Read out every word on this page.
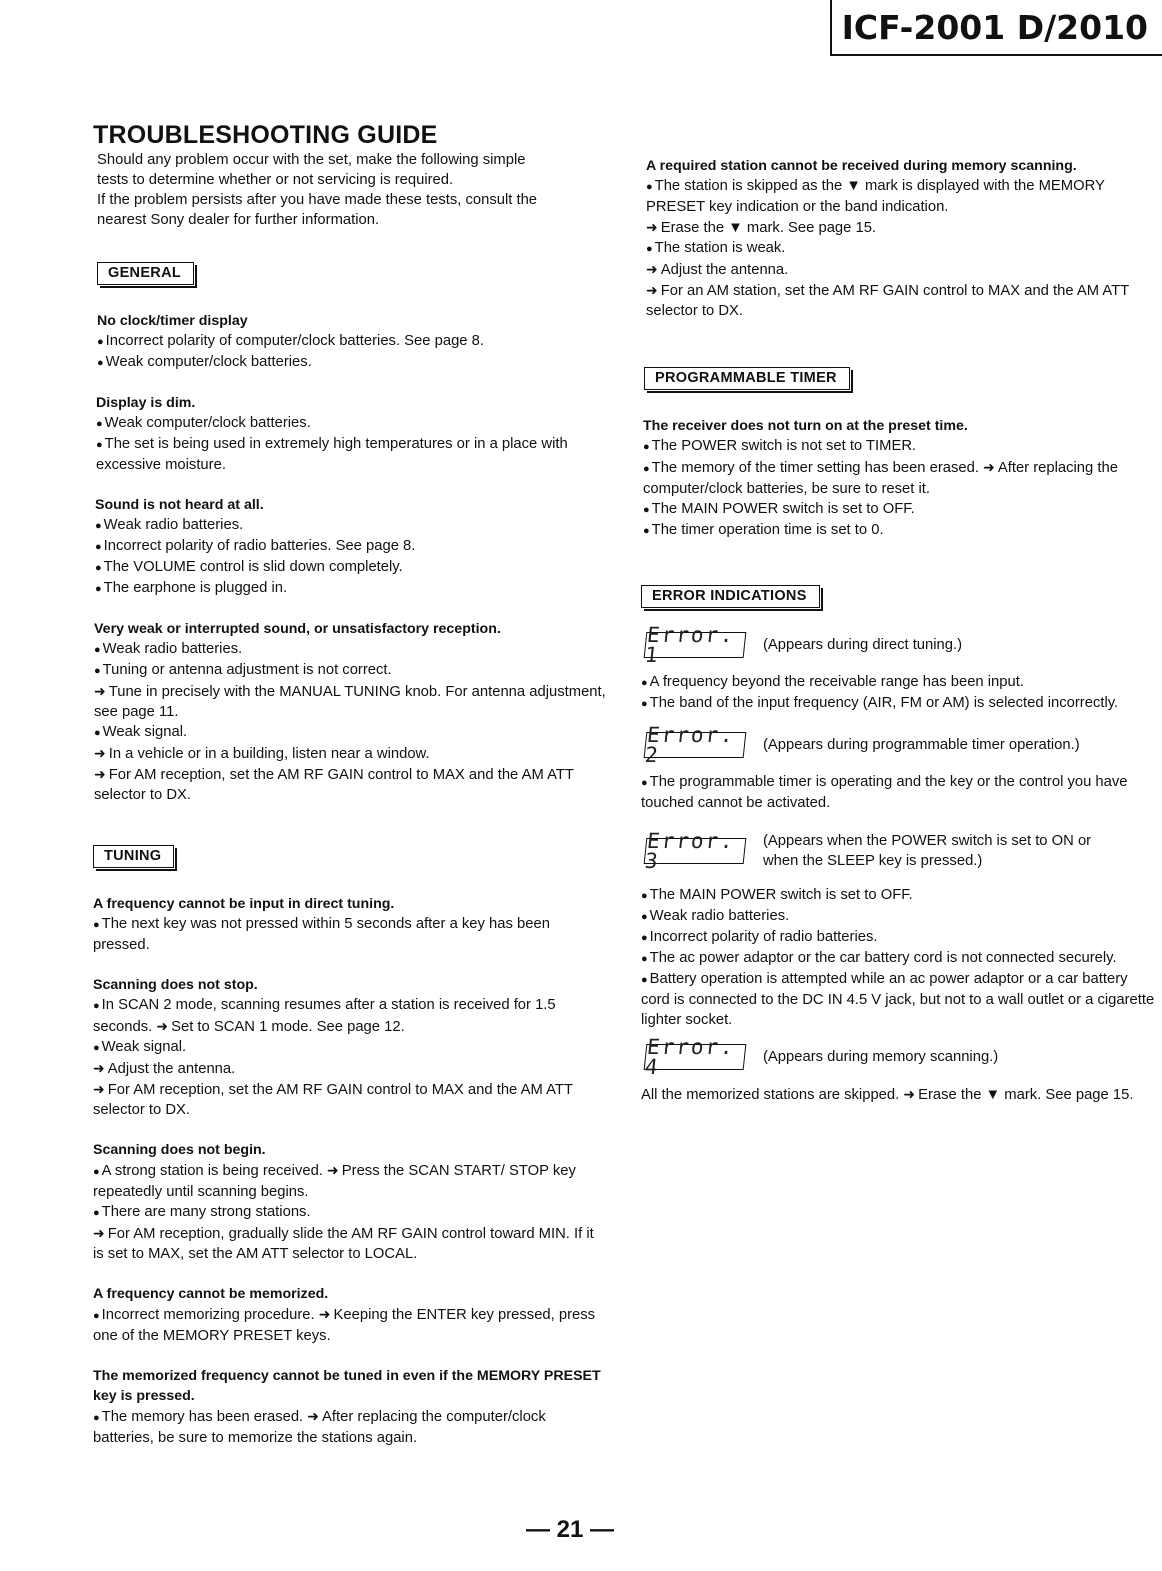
ICF-2001 D/2010
TROUBLESHOOTING GUIDE

Should any problem occur with the set, make the following simple

tests to determine whether or not servicing is required.

If the problem persists after you have made these tests, consult the

nearest Sony dealer for further information.

GENERAL

No clock/timer display

● Incorrect polarity of computer/clock batteries. See page 8.

● Weak computer/clock batteries.

Display is dim.

● Weak computer/clock batteries.

● The set is being used in extremely high temperatures or in a place with excessive moisture.

Sound is not heard at all.

● Weak radio batteries.

● Incorrect polarity of radio batteries. See page 8.

● The VOLUME control is slid down completely.

● The earphone is plugged in.

Very weak or interrupted sound, or unsatisfactory reception.

● Weak radio batteries.

● Tuning or antenna adjustment is not correct.

➜ Tune in precisely with the MANUAL TUNING knob. For antenna adjustment, see page 11.

● Weak signal.

➜ In a vehicle or in a building, listen near a window.

➜ For AM reception, set the AM RF GAIN control to MAX and the AM ATT selector to DX.

TUNING

A frequency cannot be input in direct tuning.

● The next key was not pressed within 5 seconds after a key has been pressed.

Scanning does not stop.

● In SCAN 2 mode, scanning resumes after a station is received for 1.5 seconds. ➜ Set to SCAN 1 mode. See page 12.

● Weak signal.

➜ Adjust the antenna.

➜ For AM reception, set the AM RF GAIN control to MAX and the AM ATT selector to DX.

Scanning does not begin.

● A strong station is being received. ➜ Press the SCAN START/ STOP key repeatedly until scanning begins.

● There are many strong stations.

➜ For AM reception, gradually slide the AM RF GAIN control toward MIN. If it is set to MAX, set the AM ATT selector to LOCAL.

A frequency cannot be memorized.

● Incorrect memorizing procedure. ➜ Keeping the ENTER key pressed, press one of the MEMORY PRESET keys.

The memorized frequency cannot be tuned in even if the MEMORY PRESET key is pressed.

● The memory has been erased. ➜ After replacing the computer/clock batteries, be sure to memorize the stations again.

A required station cannot be received during memory scanning.

● The station is skipped as the ▼ mark is displayed with the MEMORY PRESET key indication or the band indication.

➜ Erase the ▼ mark. See page 15.

● The station is weak.

➜ Adjust the antenna.

➜ For an AM station, set the AM RF GAIN control to MAX and the AM ATT selector to DX.

PROGRAMMABLE TIMER

The receiver does not turn on at the preset time.

● The POWER switch is not set to TIMER.

● The memory of the timer setting has been erased. ➜ After replacing the computer/clock batteries, be sure to reset it.

● The MAIN POWER switch is set to OFF.

● The timer operation time is set to 0.

ERROR INDICATIONS
Error. 1	(Appears during direct tuning.)

● A frequency beyond the receivable range has been input.

● The band of the input frequency (AIR, FM or AM) is selected incorrectly.

Error. 2	(Appears during programmable timer operation.)

● The programmable timer is operating and the key or the control you have touched cannot be activated.

Error. 3

(Appears when the POWER switch is set to ON or

when the SLEEP key is pressed.)

● The MAIN POWER switch is set to OFF.

● Weak radio batteries.

● Incorrect polarity of radio batteries.

● The ac power adaptor or the car battery cord is not connected securely.

● Battery operation is attempted while an ac power adaptor or a car battery cord is connected to the DC IN 4.5 V jack, but not to a wall outlet or a cigarette lighter socket.

Error. 4	(Appears during memory scanning.)

All the memorized stations are skipped. ➜ Erase the ▼ mark. See page 15.

— 21 —
